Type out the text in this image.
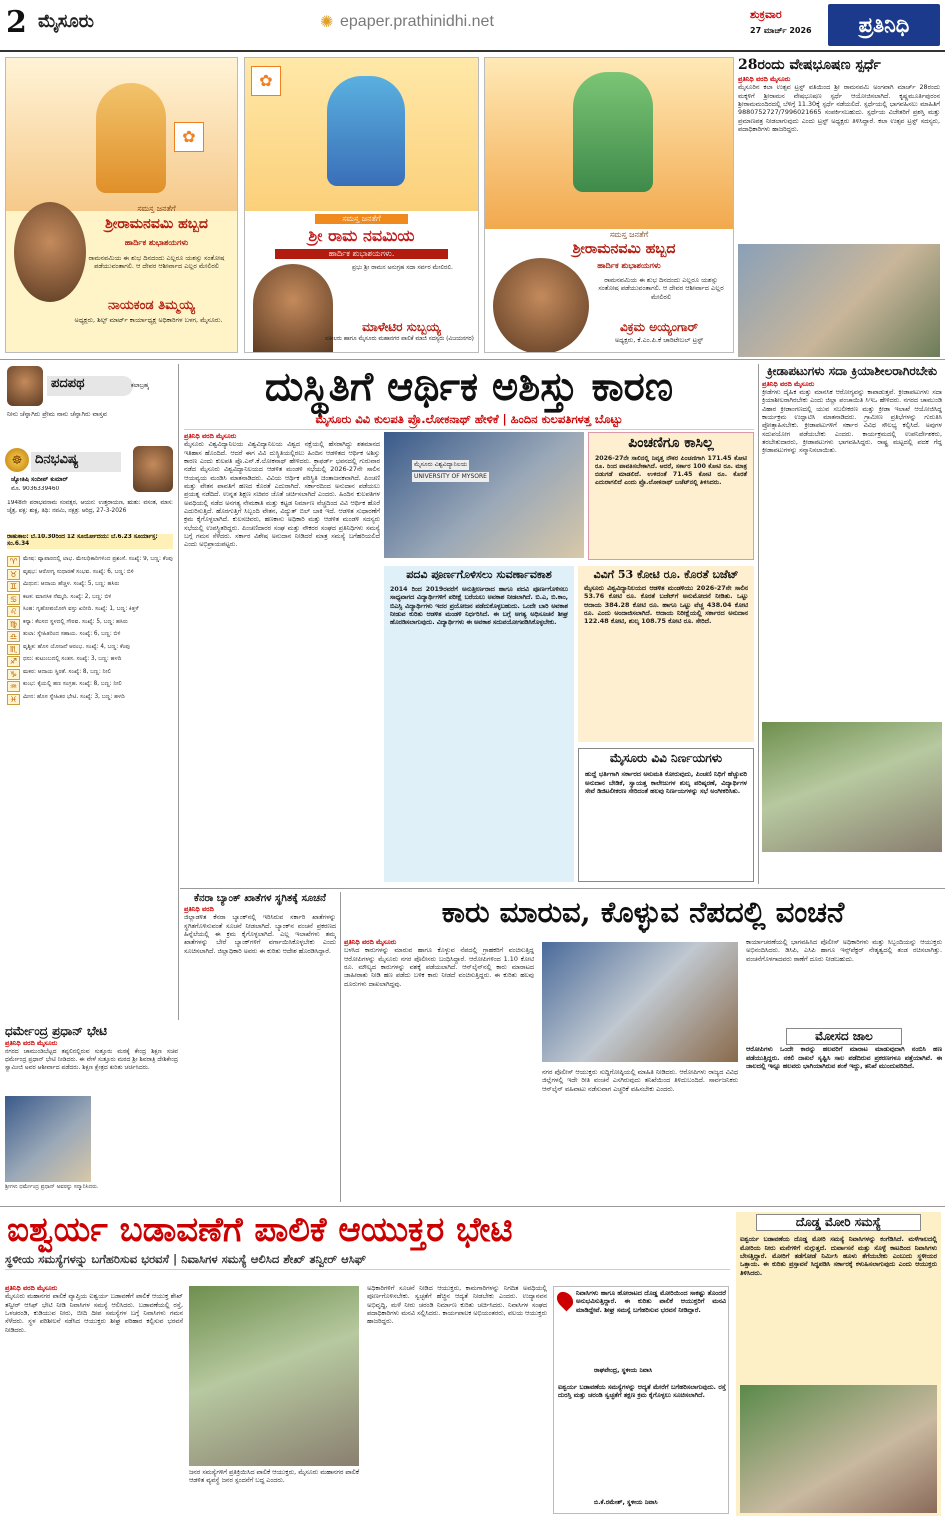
2 ಮೈಸೂರು	✺ epaper.prathinidhi.net	ಶುಕ್ರವಾರ
27 ಮಾರ್ಚ್ 2026	ಪ್ರತಿನಿಧಿ
✿
ಸಮಸ್ತ ಜನತೆಗೆ
ಶ್ರೀರಾಮನವಮಿ ಹಬ್ಬದ
ಹಾರ್ದಿಕ ಶುಭಾಶಯಗಳು
ರಾಮನವಮಿಯ ಈ ಶುಭ ದಿನದಂದು ಎಲ್ಲರೂ ಯಶಸ್ಸು ಸಂತೋಷ ಪಡೆಯುವಂತಾಗಲಿ. ಆ ದೇವರ ಆಶೀರ್ವಾದ ಎಲ್ಲರ ಮೇಲಿರಲಿ
ನಾಯಕಂಡ ತಿಮ್ಮಯ್ಯ
ಅಧ್ಯಕ್ಷರು, ಶಿಲ್ಪ್ ಮಾರ್ಟ್ ಕಾರ್ಯಾಧ್ಯಕ್ಷ ಅಧಿಕಾರಿಗಳ ಬಳಗ, ಮೈಸೂರು.
✿
ಸಮಸ್ತ ಜನತೆಗೆ
ಶ್ರೀ ರಾಮ ನವಮಿಯ
ಹಾರ್ದಿಕ ಶುಭಾಶಯಗಳು.
ಪ್ರಭು ಶ್ರೀ ರಾಮನ ಅನುಗ್ರಹ ಸದಾ ಸರ್ವರ ಮೇಲಿರಲಿ.
ಮಾಳೇಟಿರ ಸುಬ್ಬಯ್ಯ
ವಕೀಲರು ಹಾಗೂ ಮೈಸೂರು ಮಹಾನಗರ ಪಾಲಿಕೆ ಮಾಜಿ ಸದಸ್ಯರು (ವಿಜಯನಗರ)
ಸಮಸ್ತ ಜನತೆಗೆ
ಶ್ರೀರಾಮನವಮಿ ಹಬ್ಬದ
ಹಾರ್ದಿಕ ಶುಭಾಶಯಗಳು
ರಾಮನವಮಿಯ ಈ ಶುಭ ದಿನದಂದು ಎಲ್ಲರೂ ಯಶಸ್ಸು ಸಂತೋಷ ಪಡೆಯುವಂತಾಗಲಿ. ಆ ದೇವರ ಆಶೀರ್ವಾದ ಎಲ್ಲರ ಮೇಲಿರಲಿ
ವಿಕ್ರಮ ಅಯ್ಯಂಗಾರ್
ಅಧ್ಯಕ್ಷರು, ಕೆ.ಎಂ.ಪಿ.ಕೆ ಚಾರಿಟೇಬಲ್ ಟ್ರಸ್ಟ್
28ರಂದು ವೇಷಭೂಷಣ ಸ್ಪರ್ಧೆ
ಪ್ರತಿನಿಧಿ ವರದಿ ಮೈಸೂರು
ಮೈಸೂರಿನ ಕಲಾ ಉತ್ಸವ ಟ್ರಸ್ಟ್ ವತಿಯಿಂದ ಶ್ರೀ ರಾಮನವಮಿ ಅಂಗವಾಗಿ ಮಾರ್ಚ್ 28ರಂದು ಮಕ್ಕಳಿಗೆ ಶ್ರೀರಾಮನ ವೇಷಭೂಷಣ ಸ್ಪರ್ಧೆ ಆಯೋಜಿಸಲಾಗಿದೆ. ಕೃಷ್ಣಮೂರ್ತಿಪುರಂನ ಶ್ರೀರಾಮಮಂದಿರದಲ್ಲಿ ಬೆಳಿಗ್ಗೆ 11.30ಕ್ಕೆ ಸ್ಪರ್ಧೆ ನಡೆಯಲಿದೆ. ಸ್ಪರ್ಧೆಯಲ್ಲಿ ಭಾಗವಹಿಸಲು ಮಾಹಿತಿಗೆ 9880752727/7996021665 ಸಂಪರ್ಕಿಸಬಹುದು. ಸ್ಪರ್ಧೆಯ ವಿಜೇತರಿಗೆ ಪ್ರಶಸ್ತಿ ಮತ್ತು ಪ್ರಮಾಣಪತ್ರ ನೀಡಲಾಗುವುದು ಎಂದು ಟ್ರಸ್ಟ್ ಅಧ್ಯಕ್ಷರು ತಿಳಿಸಿದ್ದಾರೆ. ಕಲಾ ಉತ್ಸವ ಟ್ರಸ್ಟ್ ಸದಸ್ಯರು, ಪದಾಧಿಕಾರಿಗಳು ಹಾಜರಿದ್ದರು.
ಪದಪಥ	ಕಲಾಬ್ರಹ್ಮ
ನೀನು ಚೆನ್ನಾಗಿರು ಪ್ರೇಮ ನಾನು ಚೆನ್ನಾಗಿರು ವಾಸ್ತವ
☸ ದಿನಭವಿಷ್ಯ
ಜ್ಯೋತಿಷಿ ಸಂದೀಪ್ ಕುಮಾರ್
ಮೊ. 9036339460
1948ನೇ ಪರಾಭವನಾಮ ಸಂವತ್ಸರ, ಆಯನ: ಉತ್ತರಾಯಣ, ಋತು: ವಸಂತ, ಮಾಸ: ಚೈತ್ರ, ಪಕ್ಷ: ಶುಕ್ಲ, ತಿಥಿ: ನವಮಿ, ನಕ್ಷತ್ರ: ಆರಿದ್ರ, 27-3-2026
ರಾಹುಕಾಲ: ಬೆ.10.30ರಿಂದ 12 ಸೂರ್ಯೋದಯ: ಬೆ.6.23 ಸೂರ್ಯಾಸ್ತ: ಸಂ.6.34
♈	ಮೇಷ: ವ್ಯಾಪಾರದಲ್ಲಿ ಲಾಭ. ಮೇಲಧಿಕಾರಿಗಳಿಂದ ಪ್ರಶಂಸೆ. ಸಂಖ್ಯೆ: 9, ಬಣ್ಣ: ಕೆಂಪು
♉	ವೃಷಭ: ಆರೋಗ್ಯ ಸುಧಾರಣೆ ಸಂಭವ. ಸಂಖ್ಯೆ: 6, ಬಣ್ಣ: ಬಿಳಿ
♊	ಮಿಥುನ: ಆದಾಯ ಹೆಚ್ಚಳ. ಸಂಖ್ಯೆ: 5, ಬಣ್ಣ: ಹಸಿರು
♋	ಕಟಕ: ಮಾನಸಿಕ ನೆಮ್ಮದಿ. ಸಂಖ್ಯೆ: 2, ಬಣ್ಣ: ಬಿಳಿ
♌	ಸಿಂಹ: ಗೃಹೋಪಯೋಗಿ ವಸ್ತು ಖರೀದಿ. ಸಂಖ್ಯೆ: 1, ಬಣ್ಣ: ಕಿತ್ತಳೆ
♍	ಕನ್ಯಾ: ಕೆಲಸದ ಸ್ಥಳದಲ್ಲಿ ಗೌರವ. ಸಂಖ್ಯೆ: 5, ಬಣ್ಣ: ಹಸಿರು
♎	ತುಲಾ: ಸ್ನೇಹಿತರಿಂದ ಸಹಾಯ. ಸಂಖ್ಯೆ: 6, ಬಣ್ಣ: ಬಿಳಿ
♏	ವೃಶ್ಚಿಕ: ಹೊಸ ಯೋಜನೆ ಆರಂಭ. ಸಂಖ್ಯೆ: 4, ಬಣ್ಣ: ಕೆಂಪು
♐	ಧನು: ಕುಟುಂಬದಲ್ಲಿ ಸಂತಸ. ಸಂಖ್ಯೆ: 3, ಬಣ್ಣ: ಹಳದಿ
♑	ಮಕರ: ಆದಾಯ ಸ್ಥಿರತೆ. ಸಂಖ್ಯೆ: 8, ಬಣ್ಣ: ನೀಲಿ
♒	ಕುಂಭ: ಕೈಯಲ್ಲಿ ಹಣ ಸಂಗ್ರಹ. ಸಂಖ್ಯೆ: 8, ಬಣ್ಣ: ನೀಲಿ
♓	ಮೀನ: ಹೊಸ ಸ್ನೇಹಿತರ ಭೇಟಿ. ಸಂಖ್ಯೆ: 3, ಬಣ್ಣ: ಹಳದಿ
ಧರ್ಮೇಂದ್ರ ಪ್ರಧಾನ್ ಭೇಟಿ
ಪ್ರತಿನಿಧಿ ವರದಿ ಮೈಸೂರು
ನಗರದ ಚಾಮುಂಡಿಬೆಟ್ಟದ ತಪ್ಪಲಿನಲ್ಲಿರುವ ಸುತ್ತೂರು ಮಠಕ್ಕೆ ಕೇಂದ್ರ ಶಿಕ್ಷಣ ಸಚಿವ ಧರ್ಮೇಂದ್ರ ಪ್ರಧಾನ್ ಭೇಟಿ ನೀಡಿದರು. ಈ ವೇಳೆ ಸುತ್ತೂರು ಮಠದ ಶ್ರೀ ಶಿವರಾತ್ರಿ ದೇಶಿಕೇಂದ್ರ ಸ್ವಾಮೀಜಿ ಅವರ ಆಶೀರ್ವಾದ ಪಡೆದರು. ಶಿಕ್ಷಣ ಕ್ಷೇತ್ರದ ಕುರಿತು ಚರ್ಚಿಸಿದರು.
ಶ್ರೀಗಳು ಧರ್ಮೇಂದ್ರ ಪ್ರಧಾನ್ ಅವರನ್ನು ಸನ್ಮಾನಿಸಿದರು.
ದುಸ್ಥಿತಿಗೆ ಆರ್ಥಿಕ ಅಶಿಸ್ತು ಕಾರಣ
ಮೈಸೂರು ವಿವಿ ಕುಲಪತಿ ಪ್ರೊ.ಲೋಕನಾಥ್ ಹೇಳಿಕೆ | ಹಿಂದಿನ ಕುಲಪತಿಗಳತ್ತ ಬೊಟ್ಟು
ಪ್ರತಿನಿಧಿ ವರದಿ ಮೈಸೂರು
ಮೈಸೂರು ವಿಶ್ವವಿದ್ಯಾನಿಲಯ ವಿಶ್ವವಿದ್ಯಾನಿಲಯ ವಿಶ್ವದ ನಕ್ಷೆಯಲ್ಲಿ ಹೆಸರಾಗಿದ್ದು ಶತಮಾನದ ಇತಿಹಾಸ ಹೊಂದಿದೆ. ಆದರೆ ಈಗ ವಿವಿ ದುಸ್ಥಿತಿಯಲ್ಲಿರಲು ಹಿಂದಿನ ಆಡಳಿತದ ಆರ್ಥಿಕ ಅಶಿಸ್ತು ಕಾರಣ ಎಂದು ಕುಲಪತಿ ಪ್ರೊ.ಎನ್.ಕೆ.ಲೋಕನಾಥ್ ಹೇಳಿದರು. ಕ್ರಾಫರ್ಡ್ ಭವನದಲ್ಲಿ ಗುರುವಾರ ನಡೆದ ಮೈಸೂರು ವಿಶ್ವವಿದ್ಯಾನಿಲಯದ ಆಡಳಿತ ಮಂಡಳಿ ಸಭೆಯಲ್ಲಿ 2026-27ನೇ ಸಾಲಿನ ಆಯವ್ಯಯ ಮಂಡಿಸಿ ಮಾತನಾಡಿದರು. ವಿವಿಯ ಆರ್ಥಿಕ ಪರಿಸ್ಥಿತಿ ಚಿಂತಾಜನಕವಾಗಿದೆ. ಪಿಂಚಣಿ ಮತ್ತು ವೇತನ ಪಾವತಿಗೆ ಹಣದ ಕೊರತೆ ಎದುರಾಗಿದೆ. ಸರ್ಕಾರದಿಂದ ಅನುದಾನ ಪಡೆಯಲು ಪ್ರಯತ್ನ ನಡೆದಿದೆ. ಉನ್ನತ ಶಿಕ್ಷಣ ಸಚಿವರ ಜೊತೆ ಚರ್ಚಿಸಲಾಗಿದೆ ಎಂದರು. ಹಿಂದಿನ ಕುಲಪತಿಗಳ ಅವಧಿಯಲ್ಲಿ ನಡೆದ ಅನಗತ್ಯ ನೇಮಕಾತಿ ಮತ್ತು ಕಟ್ಟಡ ನಿರ್ಮಾಣ ವೆಚ್ಚದಿಂದ ವಿವಿ ಆರ್ಥಿಕ ಹೊರೆ ಎದುರಿಸುತ್ತಿದೆ. ಹೊರಗುತ್ತಿಗೆ ಸಿಬ್ಬಂದಿ ವೇತನ, ವಿದ್ಯುತ್ ಬಿಲ್ ಬಾಕಿ ಇದೆ. ಆಡಳಿತ ಸುಧಾರಣೆಗೆ ಕ್ರಮ ಕೈಗೊಳ್ಳಲಾಗಿದೆ. ಕುಲಸಚಿವರು, ಹಣಕಾಸು ಅಧಿಕಾರಿ ಮತ್ತು ಆಡಳಿತ ಮಂಡಳಿ ಸದಸ್ಯರು ಸಭೆಯಲ್ಲಿ ಉಪಸ್ಥಿತರಿದ್ದರು. ಪಿಂಚಣಿದಾರರ ಸಂಘ ಮತ್ತು ನೌಕರರ ಸಂಘದ ಪ್ರತಿನಿಧಿಗಳು ಸಮಸ್ಯೆ ಬಗ್ಗೆ ಗಮನ ಸೆಳೆದರು. ಸರ್ಕಾರ ವಿಶೇಷ ಅನುದಾನ ನೀಡಿದರೆ ಮಾತ್ರ ಸಮಸ್ಯೆ ಬಗೆಹರಿಯಲಿದೆ ಎಂದು ಅಭಿಪ್ರಾಯಪಟ್ಟರು.
ಮೈಸೂರು ವಿಶ್ವವಿದ್ಯಾನಿಲಯ
UNIVERSITY OF MYSORE
ಪಿಂಚಣಿಗೂ ಕಾಸಿಲ್ಲ
2026-27ನೇ ಸಾಲಿನಲ್ಲಿ ನಿವೃತ್ತ ನೌಕರ ಪಿಂಚಣಿಗಾಗಿ 171.45 ಕೋಟಿ ರೂ. ರಿಂದ ಪಾವತಿಸಬೇಕಾಗಿದೆ. ಆದರೆ, ಸರ್ಕಾರ 100 ಕೋಟಿ ರೂ. ಮಾತ್ರ ಬಿಡುಗಡೆ ಮಾಡಲಿದೆ. ಉಳಿದಂತೆ 71.45 ಕೋಟಿ ರೂ. ಕೊರತೆ ಎದುರಾಗಲಿದೆ ಎಂದು ಪ್ರೊ.ಲೋಕನಾಥ್ ಬಜೆಟ್‌ನಲ್ಲಿ ತಿಳಿಸಿದರು.
ಪದವಿ ಪೂರ್ಣಗೊಳಿಸಲು ಸುವರ್ಣಾವಕಾಶ
2014 ರಿಂದ 2019ರವರೆಗೆ ಅನುತ್ತೀರ್ಣರಾದ ಹಾಗೂ ಪದವಿ ಪೂರ್ಣಗೊಳಿಸಲು ಸಾಧ್ಯವಾಗದ ವಿದ್ಯಾರ್ಥಿಗಳಿಗೆ ಪರೀಕ್ಷೆ ಬರೆಯಲು ಅವಕಾಶ ನೀಡಲಾಗಿದೆ. ಬಿ.ಎ, ಬಿ.ಕಾಂ, ಬಿಎಸ್ಸಿ ವಿದ್ಯಾರ್ಥಿಗಳು ಇದರ ಪ್ರಯೋಜನ ಪಡೆದುಕೊಳ್ಳಬಹುದು. ಒಂದೇ ಬಾರಿ ಅವಕಾಶ ನೀಡುವ ಕುರಿತು ಆಡಳಿತ ಮಂಡಳಿ ನಿರ್ಧರಿಸಿದೆ. ಈ ಬಗ್ಗೆ ಅಗತ್ಯ ಅಧಿಸೂಚನೆ ಶೀಘ್ರ ಹೊರಡಿಸಲಾಗುವುದು. ವಿದ್ಯಾರ್ಥಿಗಳು ಈ ಅವಕಾಶ ಸದುಪಯೋಗಪಡಿಸಿಕೊಳ್ಳಬೇಕು.
ವಿವಿಗೆ 53 ಕೋಟಿ ರೂ. ಕೊರತೆ ಬಜೆಟ್
ಮೈಸೂರು ವಿಶ್ವವಿದ್ಯಾನಿಲಯದ ಆಡಳಿತ ಮಂಡಳಿಯು 2026-27ನೇ ಸಾಲಿನ 53.76 ಕೋಟಿ ರೂ. ಕೊರತೆ ಬಜೆಟ್‌ಗೆ ಅನುಮೋದನೆ ನೀಡಿತು. ಒಟ್ಟು ಆದಾಯ 384.28 ಕೋಟಿ ರೂ. ಹಾಗೂ ಒಟ್ಟು ವೆಚ್ಚ 438.04 ಕೋಟಿ ರೂ. ಎಂದು ಅಂದಾಜಿಸಲಾಗಿದೆ. ಆದಾಯ ನಿರೀಕ್ಷೆಯಲ್ಲಿ ಸರ್ಕಾರದ ಅನುದಾನ 122.48 ಕೋಟಿ, ಶುಲ್ಕ 108.75 ಕೋಟಿ ರೂ. ಸೇರಿದೆ.
ಮೈಸೂರು ವಿವಿ ನಿರ್ಣಯಗಳು
ಹುದ್ದೆ ಭರ್ತಿಗಾಗಿ ಸರ್ಕಾರದ ಅನುಮತಿ ಕೋರುವುದು, ಪಿಂಚಣಿ ನಿಧಿಗೆ ಹೆಚ್ಚುವರಿ ಅನುದಾನ ಬೇಡಿಕೆ, ಸ್ವಾಯತ್ತ ಕಾಲೇಜುಗಳ ಶುಲ್ಕ ಪರಿಷ್ಕರಣೆ, ವಿದ್ಯಾರ್ಥಿಗಳ ಸೇವೆ ಡಿಜಿಟಲೀಕರಣ ಸೇರಿದಂತೆ ಹಲವು ನಿರ್ಣಯಗಳನ್ನು ಸಭೆ ಅಂಗೀಕರಿಸಿತು.
ಕ್ರೀಡಾಪಟುಗಳು ಸದಾ ಕ್ರಿಯಾಶೀಲರಾಗಿರಬೇಕು
ಪ್ರತಿನಿಧಿ ವರದಿ ಮೈಸೂರು
ಕ್ರೀಡೆಗಳು ದೈಹಿಕ ಮತ್ತು ಮಾನಸಿಕ ಆರೋಗ್ಯವನ್ನು ಕಾಪಾಡುತ್ತವೆ. ಕ್ರೀಡಾಪಟುಗಳು ಸದಾ ಕ್ರಿಯಾಶೀಲರಾಗಿರಬೇಕು ಎಂದು ಜಿಲ್ಲಾ ಪಂಚಾಯಿತಿ ಸಿಇಒ ಹೇಳಿದರು. ನಗರದ ಚಾಮುಂಡಿ ವಿಹಾರ ಕ್ರೀಡಾಂಗಣದಲ್ಲಿ ಯುವ ಸಬಲೀಕರಣ ಮತ್ತು ಕ್ರೀಡಾ ಇಲಾಖೆ ಆಯೋಜಿಸಿದ್ದ ಕಾರ್ಯಕ್ರಮ ಉದ್ಘಾಟಿಸಿ ಮಾತನಾಡಿದರು. ಗ್ರಾಮೀಣ ಪ್ರತಿಭೆಗಳನ್ನು ಗುರುತಿಸಿ ಪ್ರೋತ್ಸಾಹಿಸಬೇಕು. ಕ್ರೀಡಾಪಟುಗಳಿಗೆ ಸರ್ಕಾರ ವಿವಿಧ ಸೌಲಭ್ಯ ಕಲ್ಪಿಸಿದೆ. ಅವುಗಳ ಸದುಪಯೋಗ ಪಡೆಯಬೇಕು ಎಂದರು. ಕಾರ್ಯಕ್ರಮದಲ್ಲಿ ಉಪನಿರ್ದೇಶಕರು, ತರಬೇತುದಾರರು, ಕ್ರೀಡಾಪಟುಗಳು ಭಾಗವಹಿಸಿದ್ದರು. ರಾಷ್ಟ್ರ ಮಟ್ಟದಲ್ಲಿ ಪದಕ ಗೆದ್ದ ಕ್ರೀಡಾಪಟುಗಳನ್ನು ಸನ್ಮಾನಿಸಲಾಯಿತು.
ಕೆನರಾ ಬ್ಯಾಂಕ್ ಖಾತೆಗಳ ಸ್ಥಗಿತಕ್ಕೆ ಸೂಚನೆ
ಪ್ರತಿನಿಧಿ ವರದಿ
ಜಿಲ್ಲಾಡಳಿತ ಕೆನರಾ ಬ್ಯಾಂಕ್‌ನಲ್ಲಿ ಇರಿಸಿರುವ ಸರ್ಕಾರಿ ಖಾತೆಗಳನ್ನು ಸ್ಥಗಿತಗೊಳಿಸುವಂತೆ ಸೂಚನೆ ನೀಡಲಾಗಿದೆ. ಬ್ಯಾಂಕ್‌ನ ವಂಚನೆ ಪ್ರಕರಣದ ಹಿನ್ನೆಲೆಯಲ್ಲಿ ಈ ಕ್ರಮ ಕೈಗೊಳ್ಳಲಾಗಿದೆ. ಎಲ್ಲ ಇಲಾಖೆಗಳು ತಮ್ಮ ಖಾತೆಗಳನ್ನು ಬೇರೆ ಬ್ಯಾಂಕ್‌ಗಳಿಗೆ ವರ್ಗಾಯಿಸಿಕೊಳ್ಳಬೇಕು ಎಂದು ಸೂಚಿಸಲಾಗಿದೆ. ಜಿಲ್ಲಾಧಿಕಾರಿ ಅವರು ಈ ಕುರಿತು ಆದೇಶ ಹೊರಡಿಸಿದ್ದಾರೆ.
ಕಾರು ಮಾರುವ, ಕೊಳ್ಳುವ ನೆಪದಲ್ಲಿ ವಂಚನೆ
ಪ್ರತಿನಿಧಿ ವರದಿ ಮೈಸೂರು
ಬಳಸಿದ ಕಾರುಗಳನ್ನು ಮಾರುವ ಹಾಗೂ ಕೊಳ್ಳುವ ನೆಪದಲ್ಲಿ ಗ್ರಾಹಕರಿಗೆ ವಂಚಿಸುತ್ತಿದ್ದ ಆರೋಪಿಗಳನ್ನು ಮೈಸೂರು ನಗರ ಪೊಲೀಸರು ಬಂಧಿಸಿದ್ದಾರೆ. ಆರೋಪಿಗಳಿಂದ 1.10 ಕೋಟಿ ರೂ. ಮೌಲ್ಯದ ಕಾರುಗಳನ್ನು ವಶಕ್ಕೆ ಪಡೆಯಲಾಗಿದೆ. ಆನ್‌ಲೈನ್‌ನಲ್ಲಿ ಕಾರು ಮಾರಾಟದ ಜಾಹೀರಾತು ನೀಡಿ ಹಣ ಪಡೆದು ಬಳಿಕ ಕಾರು ನೀಡದೆ ವಂಚಿಸುತ್ತಿದ್ದರು. ಈ ಕುರಿತು ಹಲವು ದೂರುಗಳು ದಾಖಲಾಗಿದ್ದವು.
ನಗರ ಪೊಲೀಸ್ ಆಯುಕ್ತರು ಸುದ್ದಿಗೋಷ್ಠಿಯಲ್ಲಿ ಮಾಹಿತಿ ನೀಡಿದರು. ಆರೋಪಿಗಳು ರಾಜ್ಯದ ವಿವಿಧ ಜಿಲ್ಲೆಗಳಲ್ಲಿ ಇದೇ ರೀತಿ ವಂಚನೆ ಎಸಗಿರುವುದು ತನಿಖೆಯಿಂದ ತಿಳಿದುಬಂದಿದೆ. ಸಾರ್ವಜನಿಕರು ಆನ್‌ಲೈನ್ ವಹಿವಾಟು ನಡೆಸುವಾಗ ಎಚ್ಚರಿಕೆ ವಹಿಸಬೇಕು ಎಂದರು.
ಕಾರ್ಯಾಚರಣೆಯಲ್ಲಿ ಭಾಗವಹಿಸಿದ ಪೊಲೀಸ್ ಅಧಿಕಾರಿಗಳು ಮತ್ತು ಸಿಬ್ಬಂದಿಯನ್ನು ಆಯುಕ್ತರು ಅಭಿನಂದಿಸಿದರು. ಡಿಸಿಪಿ, ಎಸಿಪಿ ಹಾಗೂ ಇನ್ಸ್‌ಪೆಕ್ಟರ್ ನೇತೃತ್ವದಲ್ಲಿ ತಂಡ ರಚಿಸಲಾಗಿತ್ತು. ವಂಚನೆಗೊಳಗಾದವರು ಠಾಣೆಗೆ ದೂರು ನೀಡಬಹುದು.
ಮೋಸದ ಜಾಲ
ಆರೋಪಿಗಳು ಒಂದೇ ಕಾರನ್ನು ಹಲವರಿಗೆ ಮಾರಾಟ ಮಾಡುವುದಾಗಿ ನಂಬಿಸಿ ಹಣ ಪಡೆಯುತ್ತಿದ್ದರು. ನಕಲಿ ದಾಖಲೆ ಸೃಷ್ಟಿಸಿ ಸಾಲ ಪಡೆದಿರುವ ಪ್ರಕರಣಗಳೂ ಪತ್ತೆಯಾಗಿವೆ. ಈ ಜಾಲದಲ್ಲಿ ಇನ್ನೂ ಹಲವರು ಭಾಗಿಯಾಗಿರುವ ಶಂಕೆ ಇದ್ದು, ತನಿಖೆ ಮುಂದುವರಿದಿದೆ.
ಐಶ್ವರ್ಯ ಬಡಾವಣೆಗೆ ಪಾಲಿಕೆ ಆಯುಕ್ತರ ಭೇಟಿ
ಸ್ಥಳೀಯ ಸಮಸ್ಯೆಗಳನ್ನು ಬಗೆಹರಿಸುವ ಭರವಸೆ | ನಿವಾಸಿಗಳ ಸಮಸ್ಯೆ ಆಲಿಸಿದ ಶೇಖ್ ತನ್ವೀರ್ ಆಸಿಫ್
ಪ್ರತಿನಿಧಿ ವರದಿ ಮೈಸೂರು
ಮೈಸೂರು ಮಹಾನಗರ ಪಾಲಿಕೆ ವ್ಯಾಪ್ತಿಯ ಐಶ್ವರ್ಯ ಬಡಾವಣೆಗೆ ಪಾಲಿಕೆ ಆಯುಕ್ತ ಶೇಖ್ ತನ್ವೀರ್ ಆಸಿಫ್ ಭೇಟಿ ನೀಡಿ ನಿವಾಸಿಗಳ ಸಮಸ್ಯೆ ಆಲಿಸಿದರು. ಬಡಾವಣೆಯಲ್ಲಿ ರಸ್ತೆ, ಒಳಚರಂಡಿ, ಕುಡಿಯುವ ನೀರು, ಬೀದಿ ದೀಪ ಸಮಸ್ಯೆಗಳ ಬಗ್ಗೆ ನಿವಾಸಿಗಳು ಗಮನ ಸೆಳೆದರು. ಸ್ಥಳ ಪರಿಶೀಲನೆ ನಡೆಸಿದ ಆಯುಕ್ತರು ಶೀಘ್ರ ಪರಿಹಾರ ಕಲ್ಪಿಸುವ ಭರವಸೆ ನೀಡಿದರು.
ಜನರ ಸಮಸ್ಯೆಗಳಿಗೆ ಪ್ರತಿಕ್ರಿಯಿಸಿದ ಪಾಲಿಕೆ ಆಯುಕ್ತರು, ಮೈಸೂರು ಮಹಾನಗರ ಪಾಲಿಕೆ ಆಡಳಿತ ವ್ಯವಸ್ಥೆ ಜನರ ಸ್ಪಂದನೆಗೆ ಬದ್ಧ ಎಂದರು.
ಅಧಿಕಾರಿಗಳಿಗೆ ಸೂಚನೆ ನೀಡಿದ ಆಯುಕ್ತರು, ಕಾಮಗಾರಿಗಳನ್ನು ನಿಗದಿತ ಅವಧಿಯಲ್ಲಿ ಪೂರ್ಣಗೊಳಿಸಬೇಕು. ಸ್ವಚ್ಛತೆಗೆ ಹೆಚ್ಚಿನ ಆದ್ಯತೆ ನೀಡಬೇಕು ಎಂದರು. ಉದ್ಯಾನವನ ಅಭಿವೃದ್ಧಿ, ಮಳೆ ನೀರು ಚರಂಡಿ ನಿರ್ಮಾಣ ಕುರಿತು ಚರ್ಚಿಸಿದರು. ನಿವಾಸಿಗಳ ಸಂಘದ ಪದಾಧಿಕಾರಿಗಳು ಮನವಿ ಸಲ್ಲಿಸಿದರು. ಕಾರ್ಯಪಾಲಕ ಅಭಿಯಂತರರು, ವಲಯ ಆಯುಕ್ತರು ಹಾಜರಿದ್ದರು.
ನಿವಾಸಿಗಳು ಹಾಗೂ ಹೋರಾಟದ ದೊಡ್ಡ ಮೋರಿಯಿಂದ ಸಾಕಷ್ಟು ತೊಂದರೆ ಅನುಭವಿಸುತ್ತಿದ್ದಾರೆ. ಈ ಕುರಿತು ಪಾಲಿಕೆ ಆಯುಕ್ತರಿಗೆ ಮನವಿ ಮಾಡಿದ್ದೇವೆ. ಶೀಘ್ರ ಸಮಸ್ಯೆ ಬಗೆಹರಿಸುವ ಭರವಸೆ ನೀಡಿದ್ದಾರೆ.
ರಾಘವೇಂದ್ರ, ಸ್ಥಳೀಯ ನಿವಾಸಿ
ಐಶ್ವರ್ಯ ಬಡಾವಣೆಯ ಸಮಸ್ಯೆಗಳನ್ನು ಆದ್ಯತೆ ಮೇರೆಗೆ ಬಗೆಹರಿಸಲಾಗುವುದು. ರಸ್ತೆ ದುರಸ್ತಿ ಮತ್ತು ಚರಂಡಿ ಸ್ವಚ್ಛತೆಗೆ ತಕ್ಷಣ ಕ್ರಮ ಕೈಗೊಳ್ಳಲು ಸೂಚಿಸಲಾಗಿದೆ.
ಬಿ.ಕೆ.ರಮೇಶ್, ಸ್ಥಳೀಯ ನಿವಾಸಿ
ದೊಡ್ಡ ಮೋರಿ ಸಮಸ್ಯೆ
ಐಶ್ವರ್ಯ ಬಡಾವಣೆಯ ದೊಡ್ಡ ಮೋರಿ ಸಮಸ್ಯೆ ನಿವಾಸಿಗಳನ್ನು ಕಂಗೆಡಿಸಿದೆ. ಮಳೆಗಾಲದಲ್ಲಿ ಮೋರಿಯ ನೀರು ಮನೆಗಳಿಗೆ ನುಗ್ಗುತ್ತದೆ. ದುರ್ವಾಸನೆ ಮತ್ತು ಸೊಳ್ಳೆ ಕಾಟದಿಂದ ನಿವಾಸಿಗಳು ಬೇಸತ್ತಿದ್ದಾರೆ. ಮೋರಿಗೆ ತಡೆಗೋಡೆ ನಿರ್ಮಿಸಿ ಹೂಳು ತೆಗೆಯಬೇಕು ಎಂಬುದು ಸ್ಥಳೀಯರ ಒತ್ತಾಯ. ಈ ಕುರಿತು ಪ್ರಸ್ತಾವನೆ ಸಿದ್ಧಪಡಿಸಿ ಸರ್ಕಾರಕ್ಕೆ ಕಳುಹಿಸಲಾಗುವುದು ಎಂದು ಆಯುಕ್ತರು ತಿಳಿಸಿದರು.
